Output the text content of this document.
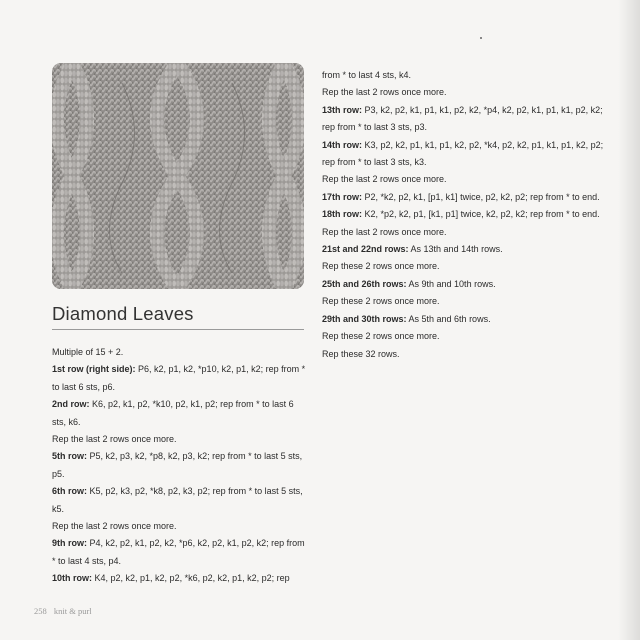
Diamond Leaves

Multiple of 15 + 2.

1st row (right side): P6, k2, p1, k2, *p10, k2, p1, k2; rep from * to last 6 sts, p6.

2nd row: K6, p2, k1, p2, *k10, p2, k1, p2; rep from * to last 6 sts, k6.

Rep the last 2 rows once more.

5th row: P5, k2, p3, k2, *p8, k2, p3, k2; rep from * to last 5 sts, p5.

6th row: K5, p2, k3, p2, *k8, p2, k3, p2; rep from * to last 5 sts, k5.

Rep the last 2 rows once more.

9th row: P4, k2, p2, k1, p2, k2, *p6, k2, p2, k1, p2, k2; rep from * to last 4 sts, p4.

10th row: K4, p2, k2, p1, k2, p2, *k6, p2, k2, p1, k2, p2; rep

from * to last 4 sts, k4.

Rep the last 2 rows once more.

13th row: P3, k2, p2, k1, p1, k1, p2, k2, *p4, k2, p2, k1, p1, k1, p2, k2; rep from * to last 3 sts, p3.

14th row: K3, p2, k2, p1, k1, p1, k2, p2, *k4, p2, k2, p1, k1, p1, k2, p2; rep from * to last 3 sts, k3.

Rep the last 2 rows once more.

17th row: P2, *k2, p2, k1, [p1, k1] twice, p2, k2, p2; rep from * to end.

18th row: K2, *p2, k2, p1, [k1, p1] twice, k2, p2, k2; rep from * to end.

Rep the last 2 rows once more.

21st and 22nd rows: As 13th and 14th rows.

Rep these 2 rows once more.

25th and 26th rows: As 9th and 10th rows.

Rep these 2 rows once more.

29th and 30th rows: As 5th and 6th rows.

Rep these 2 rows once more.

Rep these 32 rows.

258 knit & purl
